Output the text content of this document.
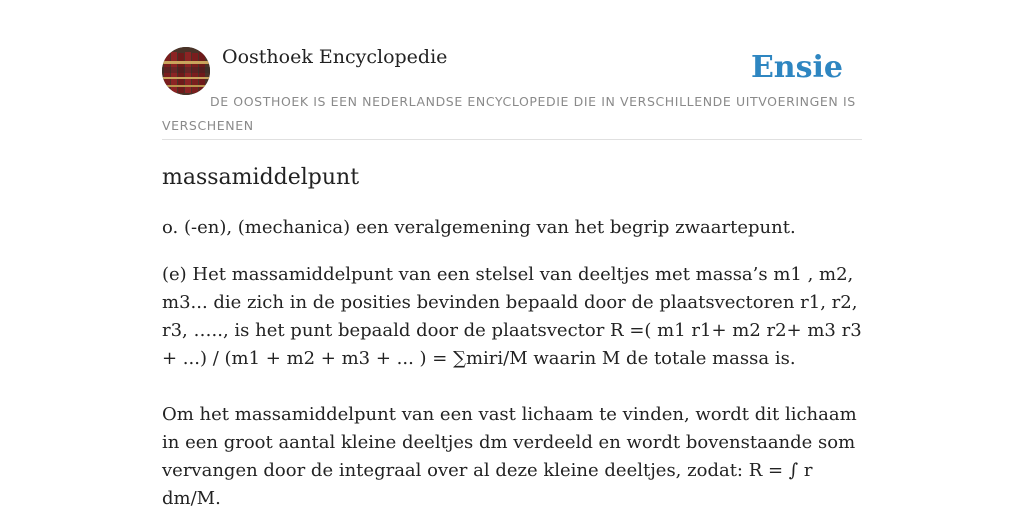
Oosthoek Encyclopedie	Ensie
DE OOSTHOEK IS EEN NEDERLANDSE ENCYCLOPEDIE DIE IN VERSCHILLENDE UITVOERINGEN IS VERSCHENEN
massamiddelpunt

o. (-en), (mechanica) een veralgemening van het begrip zwaartepunt.

(e) Het massamiddelpunt van een stelsel van deeltjes met massa’s m1 , m2, m3... die zich in de posities bevinden bepaald door de plaatsvectoren r1, r2, r3, ….., is het punt bepaald door de plaatsvector R =( m1 r1+ m2 r2+ m3 r3 + ...) / (m1 + m2 + m3 + ... ) = ∑miri/M waarin M de totale massa is.

Om het massamiddelpunt van een vast lichaam te vinden, wordt dit lichaam in een groot aantal kleine deeltjes dm verdeeld en wordt bovenstaande som vervangen door de integraal over al deze kleine deeltjes, zodat: R = ∫ r dm/M.
